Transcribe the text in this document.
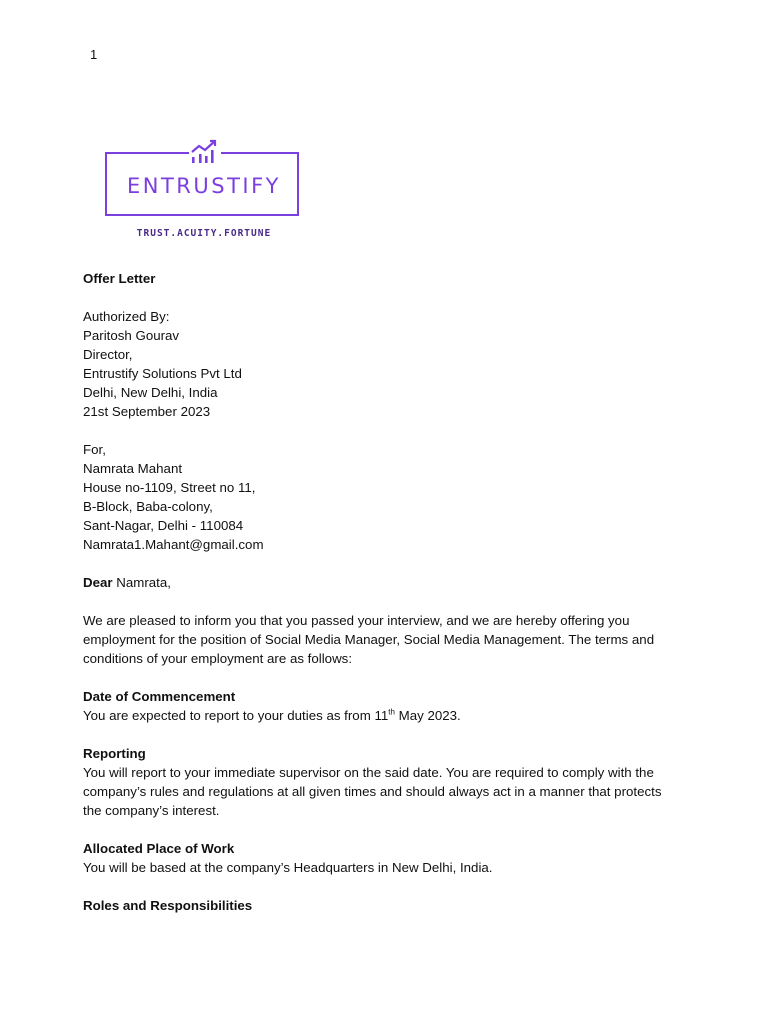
1
ENTRUSTIFY
TRUST.ACUITY.FORTUNE

Offer Letter

Authorized By:

Paritosh Gourav

Director,

Entrustify Solutions Pvt Ltd

Delhi, New Delhi, India

21st September 2023

For,

Namrata Mahant

House no-1109, Street no 11,

B-Block, Baba-colony,

Sant-Nagar, Delhi - 110084

Namrata1.Mahant@gmail.com

Dear Namrata,

We are pleased to inform you that you passed your interview, and we are hereby offering you employment for the position of Social Media Manager, Social Media Management. The terms and conditions of your employment are as follows:

Date of Commencement

You are expected to report to your duties as from 11th May 2023.

Reporting

You will report to your immediate supervisor on the said date. You are required to comply with the company’s rules and regulations at all given times and should always act in a manner that protects the company’s interest.

Allocated Place of Work

You will be based at the company’s Headquarters in New Delhi, India.

Roles and Responsibilities
